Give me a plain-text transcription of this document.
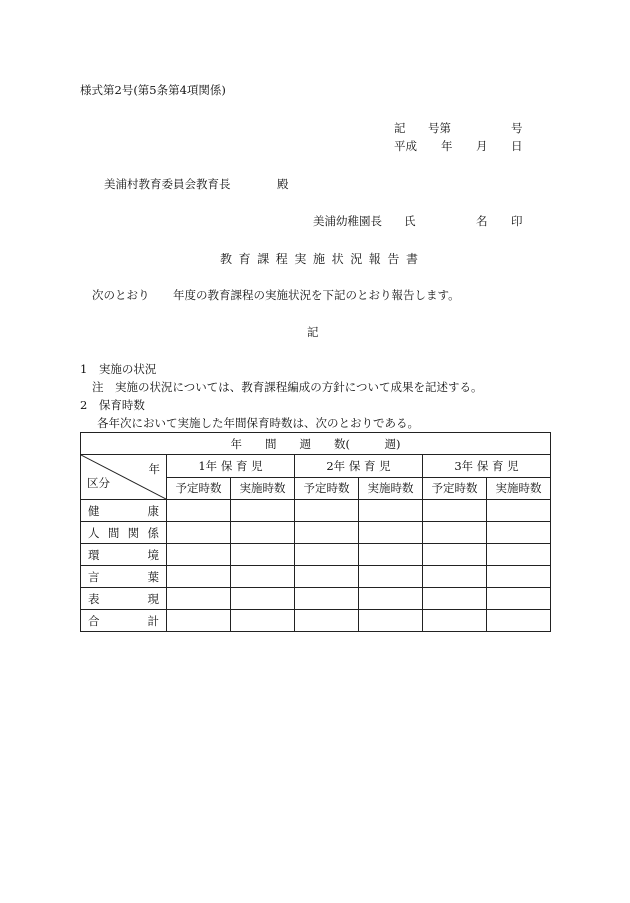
様式第2号(第5条第4項関係)
記 号第	号
平成 年 月 日
美浦村教育委員会教育長	殿
美浦幼稚園長 氏	名 印
教育課程実施状況報告書
次のとおり 年度の教育課程の実施状況を下記のとおり報告します。
記
1　実施の状況
注　実施の状況については、教育課程編成の方針について成果を記述する。
2　保育時数
各年次において実施した年間保育時数は、次のとおりである。
年　　間　　週　　数(　　　週)						

年
区分	1年 保 育 児		2年 保 育 児		3年 保 育 児	
	予定時数	実施時数	予定時数	実施時数	予定時数	実施時数
健康						
人間関係						
環境						
言葉						
表現						
合計						
